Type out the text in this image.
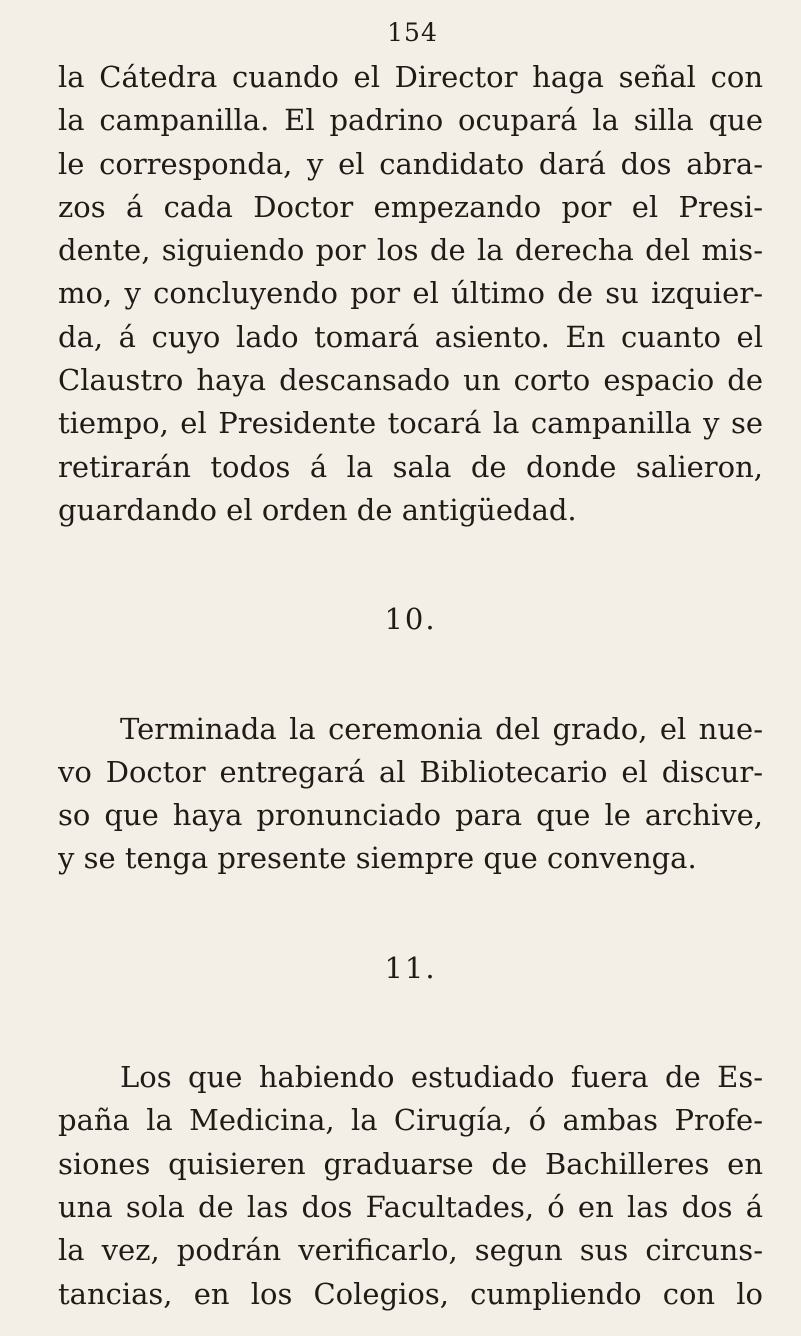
154
la Cátedra cuando el Director haga señal con
la campanilla. El padrino ocupará la silla que
le corresponda, y el candidato dará dos abra-
zos á cada Doctor empezando por el Presi-
dente, siguiendo por los de la derecha del mis-
mo, y concluyendo por el último de su izquier-
da, á cuyo lado tomará asiento. En cuanto el
Claustro haya descansado un corto espacio de
tiempo, el Presidente tocará la campanilla y se
retirarán todos á la sala de donde salieron,
guardando el orden de antigüedad.
10.
Terminada la ceremonia del grado, el nue-
vo Doctor entregará al Bibliotecario el discur-
so que haya pronunciado para que le archive,
y se tenga presente siempre que convenga.
11.
Los que habiendo estudiado fuera de Es-
paña la Medicina, la Cirugía, ó ambas Profe-
siones quisieren graduarse de Bachilleres en
una sola de las dos Facultades, ó en las dos á
la vez, podrán verificarlo, segun sus circuns-
tancias, en los Colegios, cumpliendo con lo
